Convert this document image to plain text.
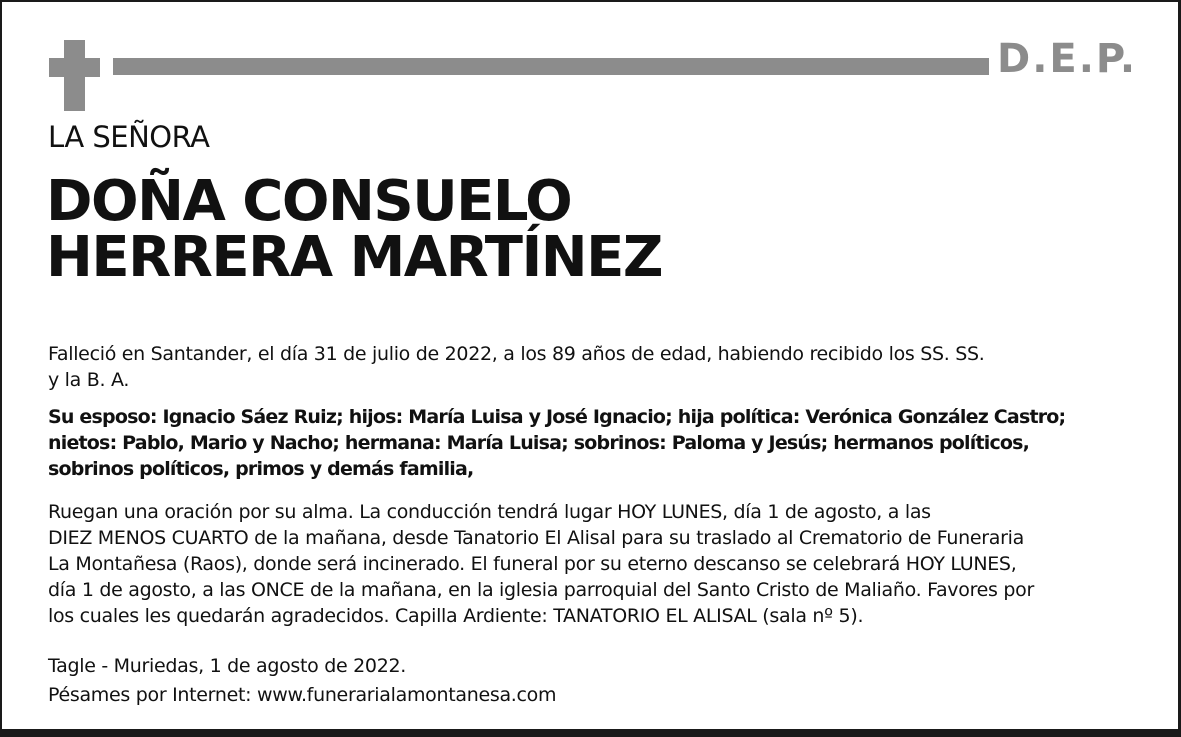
D.E.P.
LA SEÑORA
DOÑA CONSUELO
HERRERA MARTÍNEZ
Falleció en Santander, el día 31 de julio de 2022, a los 89 años de edad, habiendo recibido los SS. SS.
y la B. A.
Su esposo: Ignacio Sáez Ruiz; hijos: María Luisa y José Ignacio; hija política: Verónica González Castro;
nietos: Pablo, Mario y Nacho; hermana: María Luisa; sobrinos: Paloma y Jesús; hermanos políticos,
sobrinos políticos, primos y demás familia,
Ruegan una oración por su alma. La conducción tendrá lugar HOY LUNES, día 1 de agosto, a las
DIEZ MENOS CUARTO de la mañana, desde Tanatorio El Alisal para su traslado al Crematorio de Funeraria
La Montañesa (Raos), donde será incinerado. El funeral por su eterno descanso se celebrará HOY LUNES,
día 1 de agosto, a las ONCE de la mañana, en la iglesia parroquial del Santo Cristo de Maliaño. Favores por
los cuales les quedarán agradecidos. Capilla Ardiente: TANATORIO EL ALISAL (sala nº 5).
Tagle - Muriedas, 1 de agosto de 2022.
Pésames por Internet: www.funerarialamontanesa.com
